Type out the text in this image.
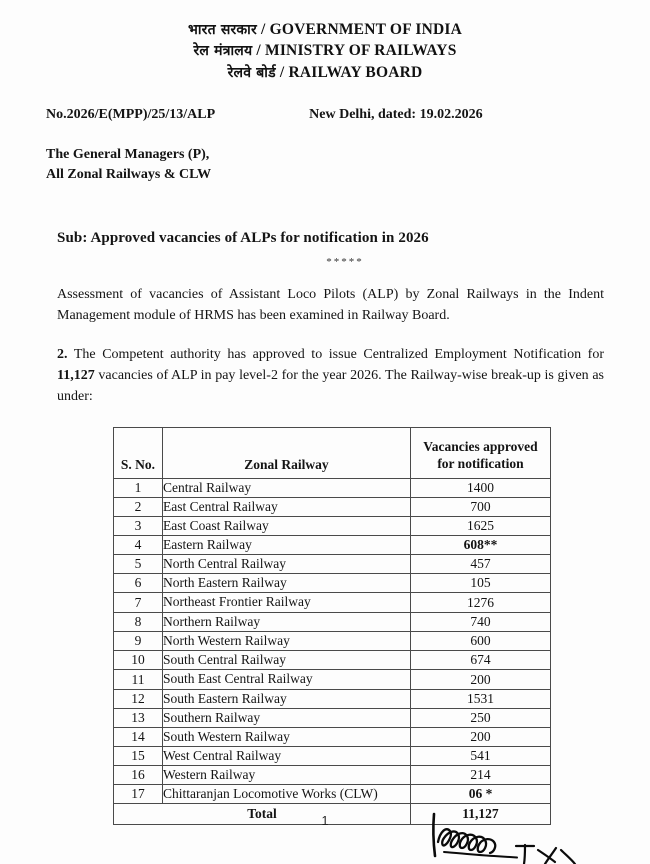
भारत सरकार / GOVERNMENT OF INDIA
रेल मंत्रालय / MINISTRY OF RAILWAYS
रेलवे बोर्ड / RAILWAY BOARD
No.2026/E(MPP)/25/13/ALP	New Delhi, dated: 19.02.2026
The General Managers (P),
All Zonal Railways & CLW
Sub: Approved vacancies of ALPs for notification in 2026
*****
Assessment of vacancies of Assistant Loco Pilots (ALP) by Zonal Railways in the Indent Management module of HRMS has been examined in Railway Board.
2. The Competent authority has approved to issue Centralized Employment Notification for 11,127 vacancies of ALP in pay level-2 for the year 2026. The Railway-wise break-up is given as under:
S. No.	Zonal Railway	Vacancies approved
for notification

1	Central Railway	1400
2	East Central Railway	700
3	East Coast Railway	1625
4	Eastern Railway	608**
5	North Central Railway	457
6	North Eastern Railway	105
7	Northeast Frontier Railway	1276
8	Northern Railway	740
9	North Western Railway	600
10	South Central Railway	674
11	South East Central Railway	200
12	South Eastern Railway	1531
13	Southern Railway	250
14	South Western Railway	200
15	West Central Railway	541
16	Western Railway	214
17	Chittaranjan Locomotive Works (CLW)	06 *
Total		11,127
1
